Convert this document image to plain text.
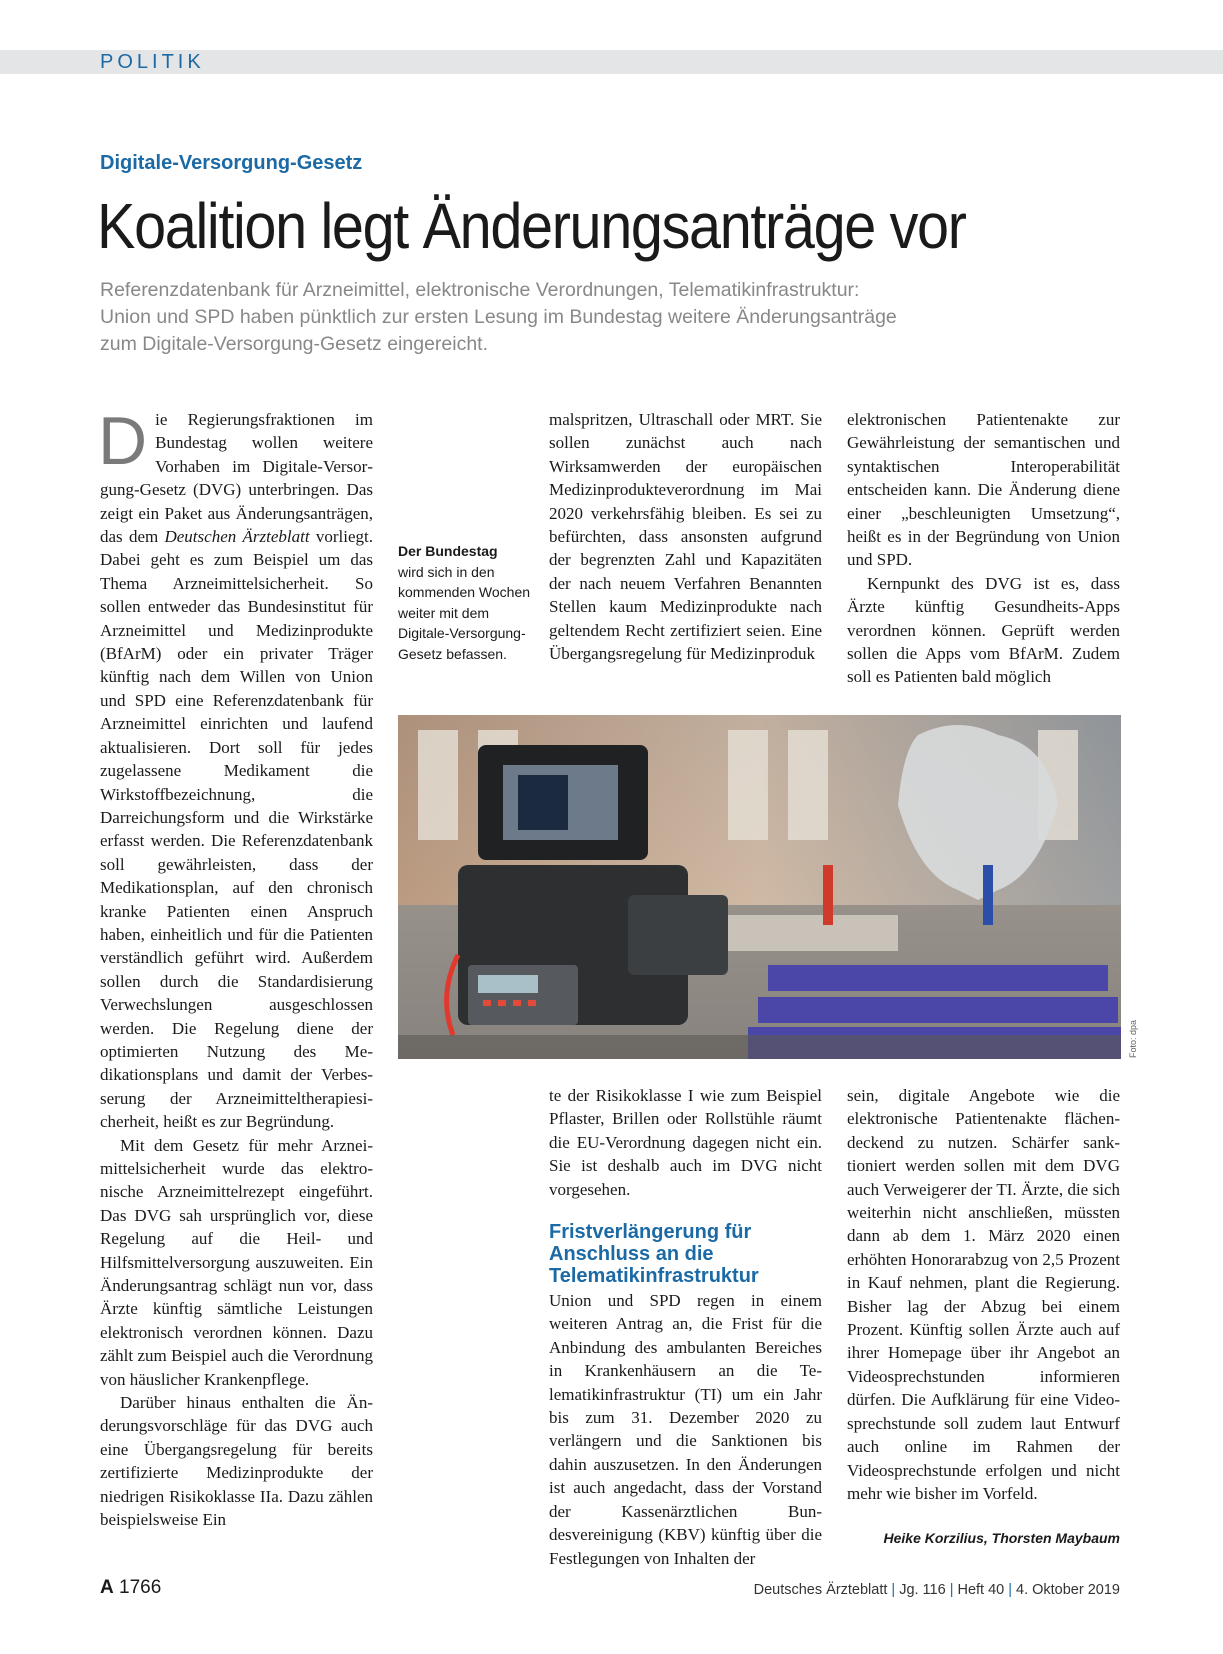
POLITIK
Digitale-Versorgung-Gesetz
Koalition legt Änderungsanträge vor
Referenzdatenbank für Arzneimittel, elektronische Verordnungen, Telematikinfrastruktur:
Union und SPD haben pünktlich zur ersten Lesung im Bundestag weitere Änderungsanträge
zum Digitale-Versorgung-Gesetz eingereicht.

Die Regierungsfraktionen im Bundestag wollen weitere Vorhaben im Digitale-Versorgung-Gesetz (DVG) unterbringen. Das zeigt ein Paket aus Änderungsanträgen, das dem Deutschen Ärzteblatt vorliegt. Dabei geht es zum Beispiel um das Thema Arzneimittelsicherheit. So sollen entweder das Bundesinstitut für Arzneimittel und Medizinprodukte (BfArM) oder ein privater Träger künftig nach dem Willen von Union und SPD eine Referenzdatenbank für Arzneimittel einrichten und laufend aktualisieren. Dort soll für jedes zugelassene Medikament die Wirkstoffbezeichnung, die Darreichungsform und die Wirkstärke erfasst werden. Die Referenzdatenbank soll gewährleisten, dass der Medikationsplan, auf den chronisch kranke Patienten einen Anspruch haben, einheitlich und für die Patienten verständlich geführt wird. Außerdem sollen durch die Standardisierung Verwechslungen ausgeschlossen werden. Die Regelung diene der optimierten Nutzung des Medikationsplans und damit der Verbesserung der Arzneimitteltherapiesicherheit, heißt es zur Begründung.

Mit dem Gesetz für mehr Arzneimittelsicherheit wurde das elektronische Arzneimittelrezept eingeführt. Das DVG sah ursprünglich vor, diese Regelung auf die Heil- und Hilfsmittelversorgung auszuweiten. Ein Änderungsantrag schlägt nun vor, dass Ärzte künftig sämtliche Leistungen elektronisch verordnen können. Dazu zählt zum Beispiel auch die Verordnung von häuslicher Krankenpflege.

Darüber hinaus enthalten die Änderungsvorschläge für das DVG auch eine Übergangsregelung für bereits zertifizierte Medizinprodukte der niedrigen Risikoklasse IIa. Dazu zählen beispielsweise Ein

Der Bundestag
wird sich in den kommenden Wochen weiter mit dem Digitale-Versorgung-Gesetz befassen.

malspritzen, Ultraschall oder MRT. Sie sollen zunächst auch nach Wirksamwerden der europäischen Medizinprodukteverordnung im Mai 2020 verkehrsfähig bleiben. Es sei zu befürchten, dass ansonsten aufgrund der begrenzten Zahl und Kapazitäten der nach neuem Verfahren Benannten Stellen kaum Medizinprodukte nach geltendem Recht zertifiziert seien. Eine Übergangsregelung für Medizinproduk

elektronischen Patientenakte zur Gewährleistung der semantischen und syntaktischen Interoperabilität entscheiden kann. Die Änderung diene einer „beschleunigten Umsetzung“, heißt es in der Begründung von Union und SPD.

Kernpunkt des DVG ist es, dass Ärzte künftig Gesundheits-Apps verordnen können. Geprüft werden sollen die Apps vom BfArM. Zudem soll es Patienten bald möglich

Foto: dpa

te der Risikoklasse I wie zum Beispiel Pflaster, Brillen oder Rollstühle räumt die EU-Verordnung dagegen nicht ein. Sie ist deshalb auch im DVG nicht vorgesehen.

Fristverlängerung für Anschluss an die Telematikinfrastruktur

Union und SPD regen in einem weiteren Antrag an, die Frist für die Anbindung des ambulanten Bereiches in Krankenhäusern an die Telematikinfrastruktur (TI) um ein Jahr bis zum 31. Dezember 2020 zu verlängern und die Sanktionen bis dahin auszusetzen. In den Änderungen ist auch angedacht, dass der Vorstand der Kassenärztlichen Bundesvereinigung (KBV) künftig über die Festlegungen von Inhalten der

sein, digitale Angebote wie die elektronische Patientenakte flächendeckend zu nutzen. Schärfer sanktioniert werden sollen mit dem DVG auch Verweigerer der TI. Ärzte, die sich weiterhin nicht anschließen, müssten dann ab dem 1. März 2020 einen erhöhten Honorarabzug von 2,5 Prozent in Kauf nehmen, plant die Regierung. Bisher lag der Abzug bei einem Prozent. Künftig sollen Ärzte auch auf ihrer Homepage über ihr Angebot an Videosprechstunden informieren dürfen. Die Aufklärung für eine Videosprechstunde soll zudem laut Entwurf auch online im Rahmen der Videosprechstunde erfolgen und nicht mehr wie bisher im Vorfeld.

Heike Korzilius, Thorsten Maybaum
A 1766	Deutsches Ärzteblatt | Jg. 116 | Heft 40 | 4. Oktober 2019
